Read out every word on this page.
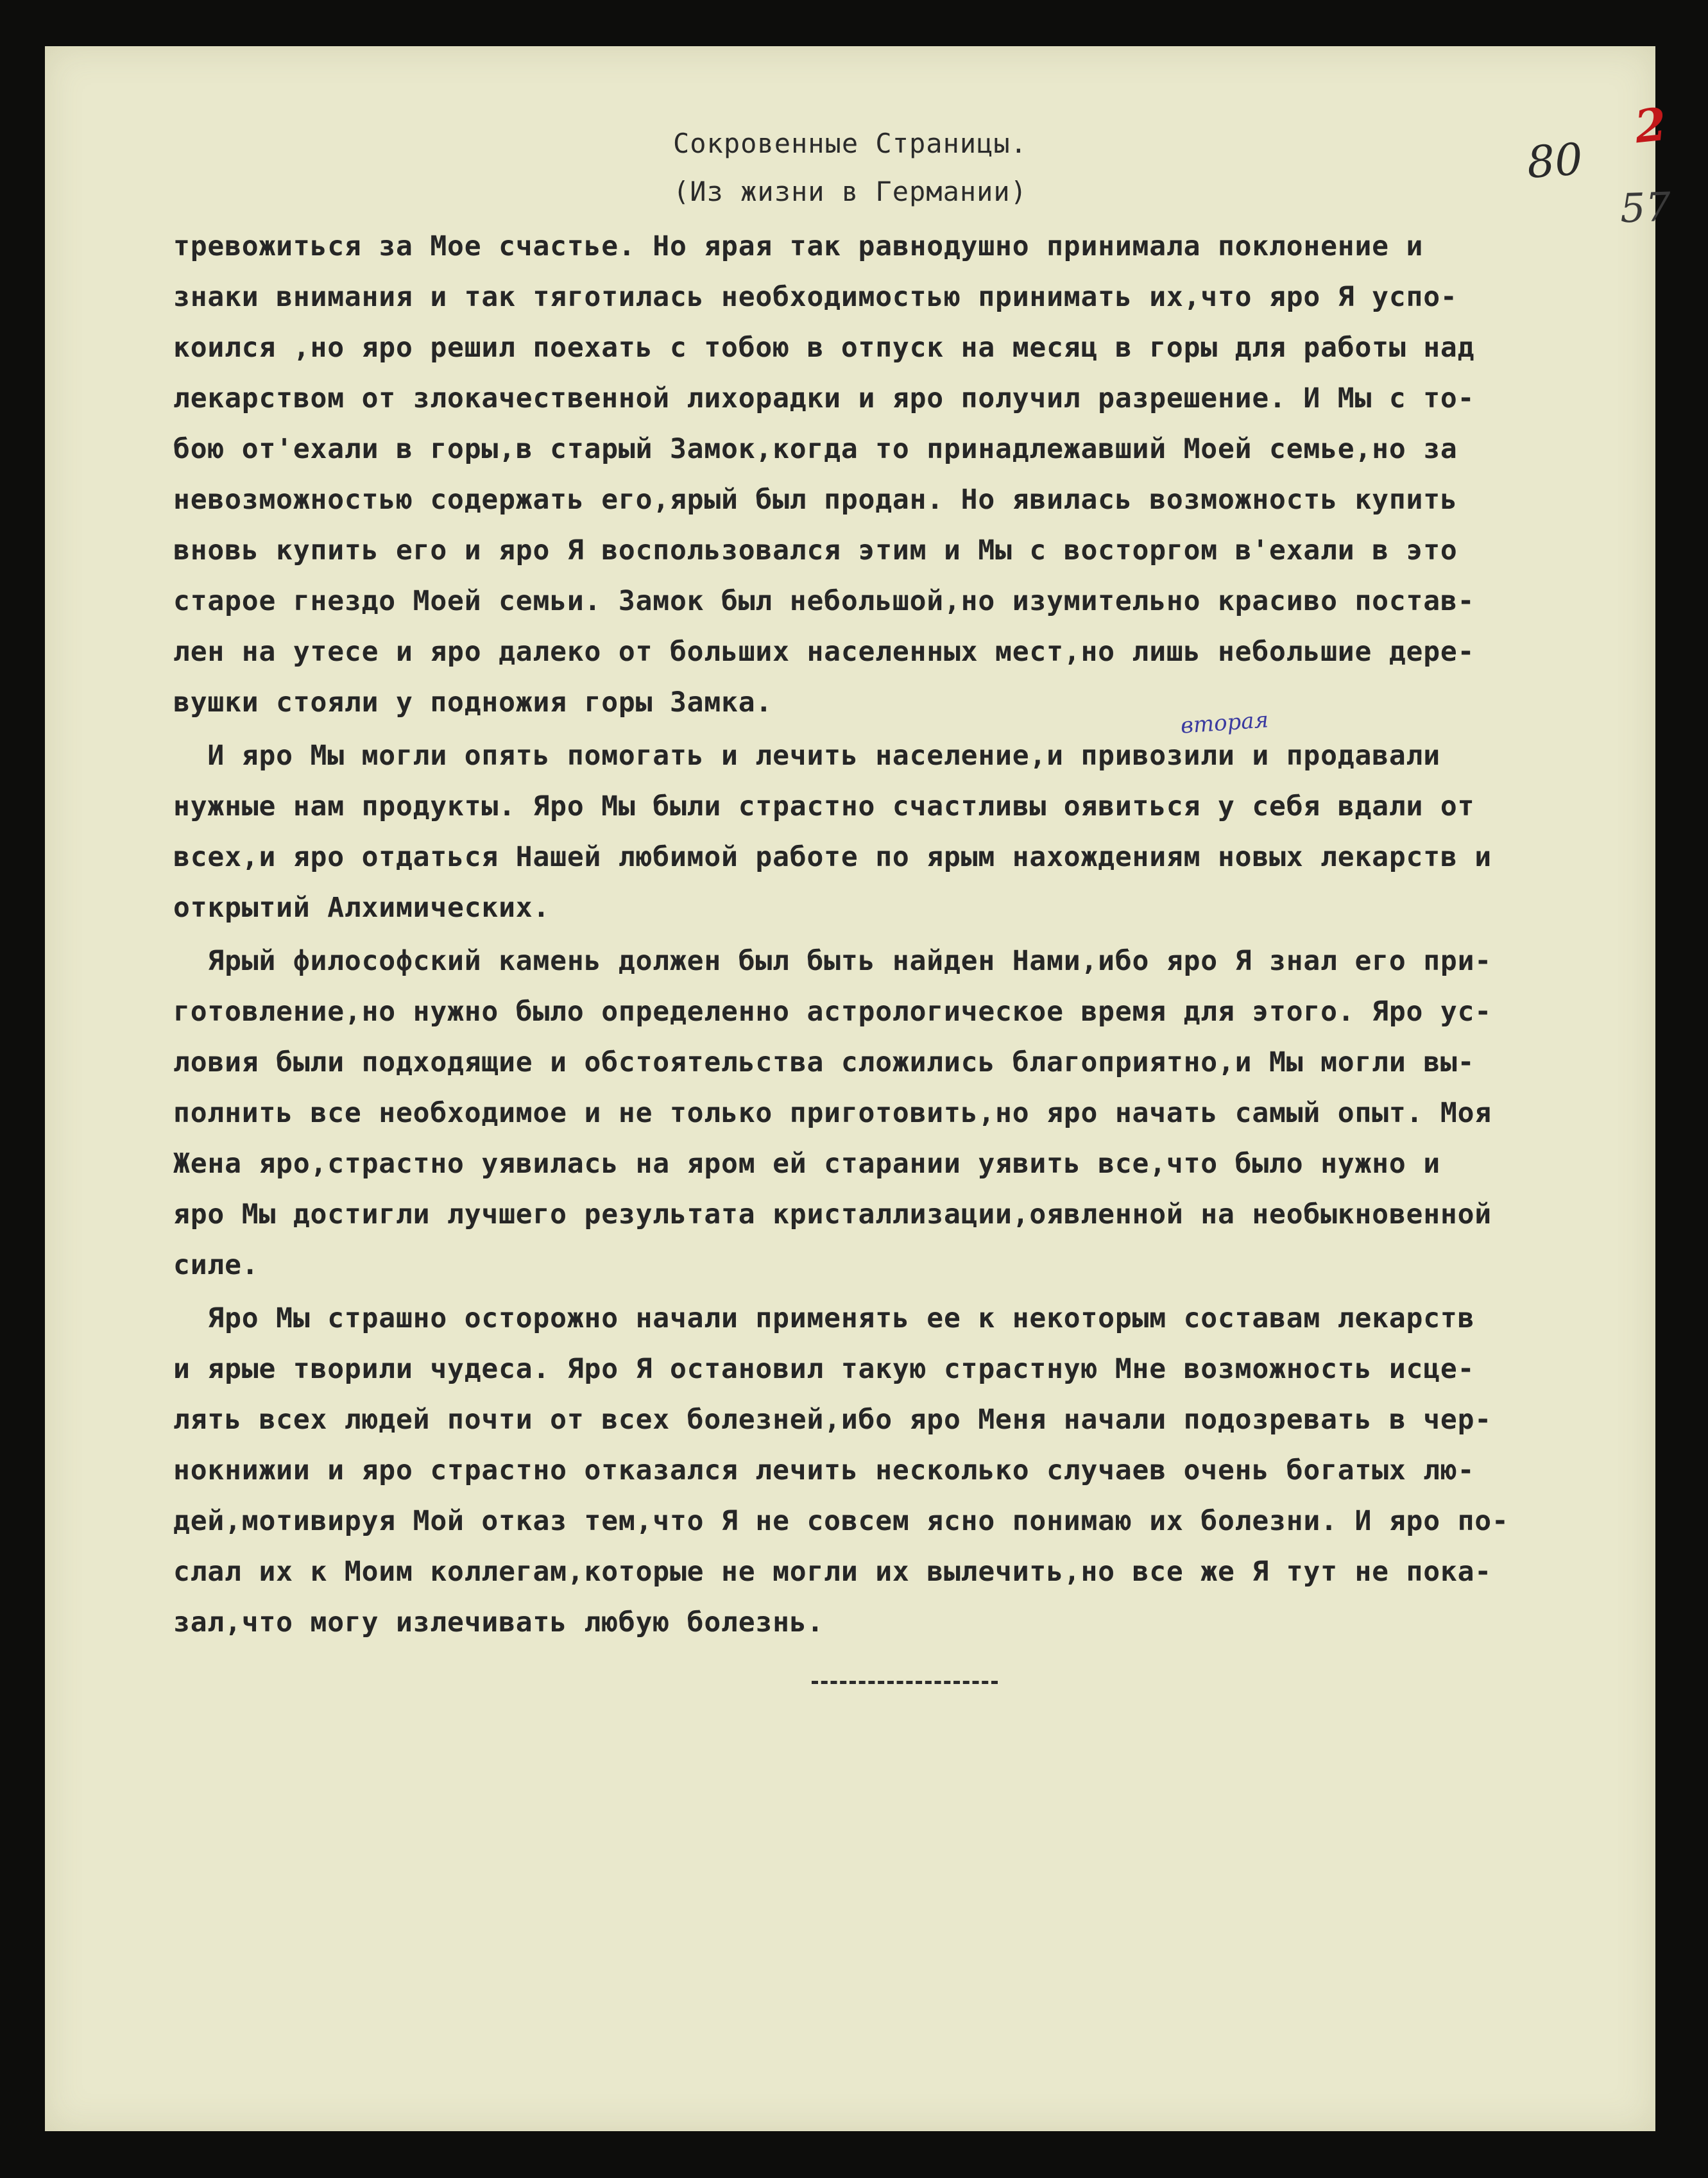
2
80
57
вторая
Сокровенные Страницы.
(Из жизни в Германии)
тревожиться за Мое счастье. Но ярая так равнодушно принимала поклонение и
знаки внимания и так тяготилась необходимостью принимать их,что яро Я успо-
коился ,но яро решил поехать с тобою в отпуск на месяц в горы для работы над
лекарством от злокачественной лихорадки и яро получил разрешение. И Мы с то-
бою от'ехали в горы,в старый Замок,когда то принадлежавший Моей семье,но за
невозможностью содержать его,ярый был продан. Но явилась возможность купить
вновь купить его и яро Я воспользовался этим и Мы с восторгом в'ехали в это
старое гнездо Моей семьи. Замок был небольшой,но изумительно красиво постав-
лен на утесе и яро далеко от больших населенных мест,но лишь небольшие дере-
вушки стояли у подножия горы Замка.
И яро Мы могли опять помогать и лечить население,и привозили и продавали
нужные нам продукты. Яро Мы были страстно счастливы оявиться у себя вдали от
всех,и яро отдаться Нашей любимой работе по ярым нахождениям новых лекарств и
открытий Алхимических.
Ярый философский камень должен был быть найден Нами,ибо яро Я знал его при-
готовление,но нужно было определенно астрологическое время для этого. Яро ус-
ловия были подходящие и обстоятельства сложились благоприятно,и Мы могли вы-
полнить все необходимое и не только приготовить,но яро начать самый опыт. Моя
Жена яро,страстно уявилась на яром ей старании уявить все,что было нужно и
яро Мы достигли лучшего результата кристаллизации,оявленной на необыкновенной
силе.
Яро Мы страшно осторожно начали применять ее к некоторым составам лекарств
и ярые творили чудеса. Яро Я остановил такую страстную Мне возможность исце-
лять всех людей почти от всех болезней,ибо яро Меня начали подозревать в чер-
нокнижии и яро страстно отказался лечить несколько случаев очень богатых лю-
дей,мотивируя Мой отказ тем,что Я не совсем ясно понимаю их болезни. И яро по-
слал их к Моим коллегам,которые не могли их вылечить,но все же Я тут не пока-
зал,что могу излечивать любую болезнь.
